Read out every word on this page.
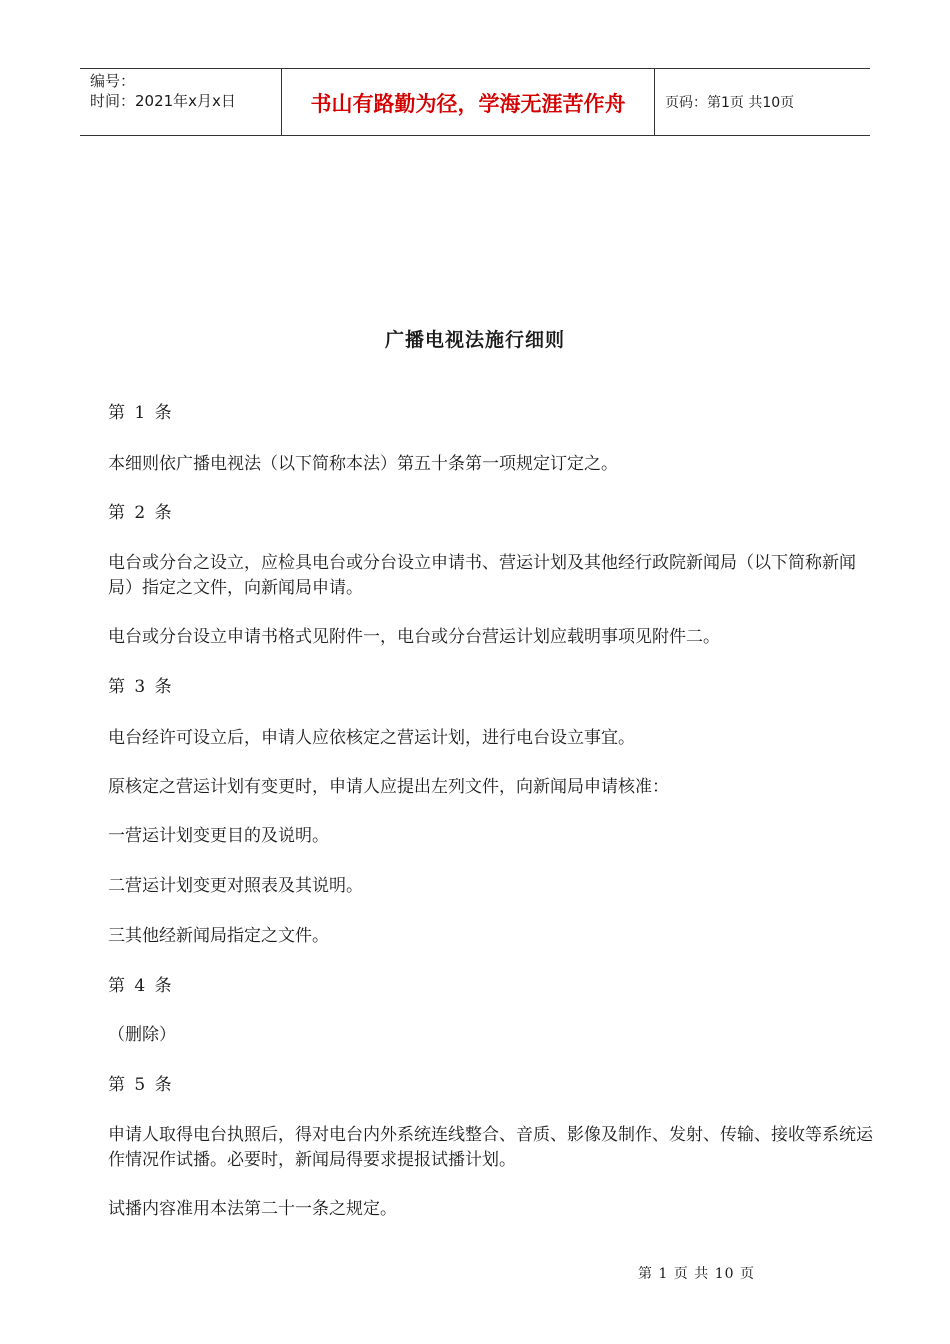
编号：
时间：2021年x月x日	书山有路勤为径，学海无涯苦作舟	页码：第1页 共10页
广播电视法施行细则

第 1 条

本细则依广播电视法（以下简称本法）第五十条第一项规定订定之。

第 2 条

电台或分台之设立，应检具电台或分台设立申请书、营运计划及其他经行政院新闻局（以下简称新闻局）指定之文件，向新闻局申请。

电台或分台设立申请书格式见附件一，电台或分台营运计划应载明事项见附件二。

第 3 条

电台经许可设立后，申请人应依核定之营运计划，进行电台设立事宜。

原核定之营运计划有变更时，申请人应提出左列文件，向新闻局申请核准：

一营运计划变更目的及说明。

二营运计划变更对照表及其说明。

三其他经新闻局指定之文件。

第 4 条

（删除）

第 5 条

申请人取得电台执照后，得对电台内外系统连线整合、音质、影像及制作、发射、传输、接收等系统运作情况作试播。必要时，新闻局得要求提报试播计划。

试播内容准用本法第二十一条之规定。

第 1 页 共 10 页
